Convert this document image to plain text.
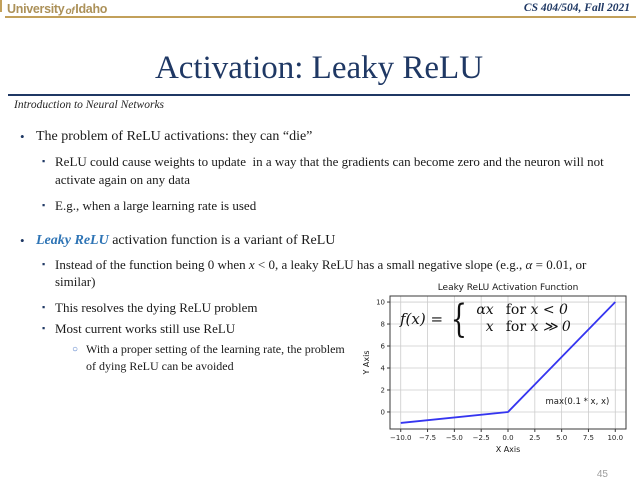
UniversityofIdaho	CS 404/504, Fall 2021
Activation: Leaky ReLU
Introduction to Neural Networks
• The problem of ReLU activations: they can “die”
▪ ReLU could cause weights to update  in a way that the gradients can become zero and the neuron will not activate again on any data
▪ E.g., when a large learning rate is used
• Leaky ReLU activation function is a variant of ReLU
▪ Instead of the function being 0 when x < 0, a leaky ReLU has a small negative slope (e.g., α = 0.01, or similar)
▪ This resolves the dying ReLU problem
▪ Most current works still use ReLU
○ With a proper setting of the learning rate, the problem of dying ReLU can be avoided
−10.0 −7.5 −5.0 −2.5 0.0 2.5 5.0 7.5 10.0
0
2
4
6
8
10
max(0.1 * x, x)
Leaky ReLU Activation Function
X Axis
Y Axis
f(x) = { αx for x < 0
x for x ≫ 0
45
